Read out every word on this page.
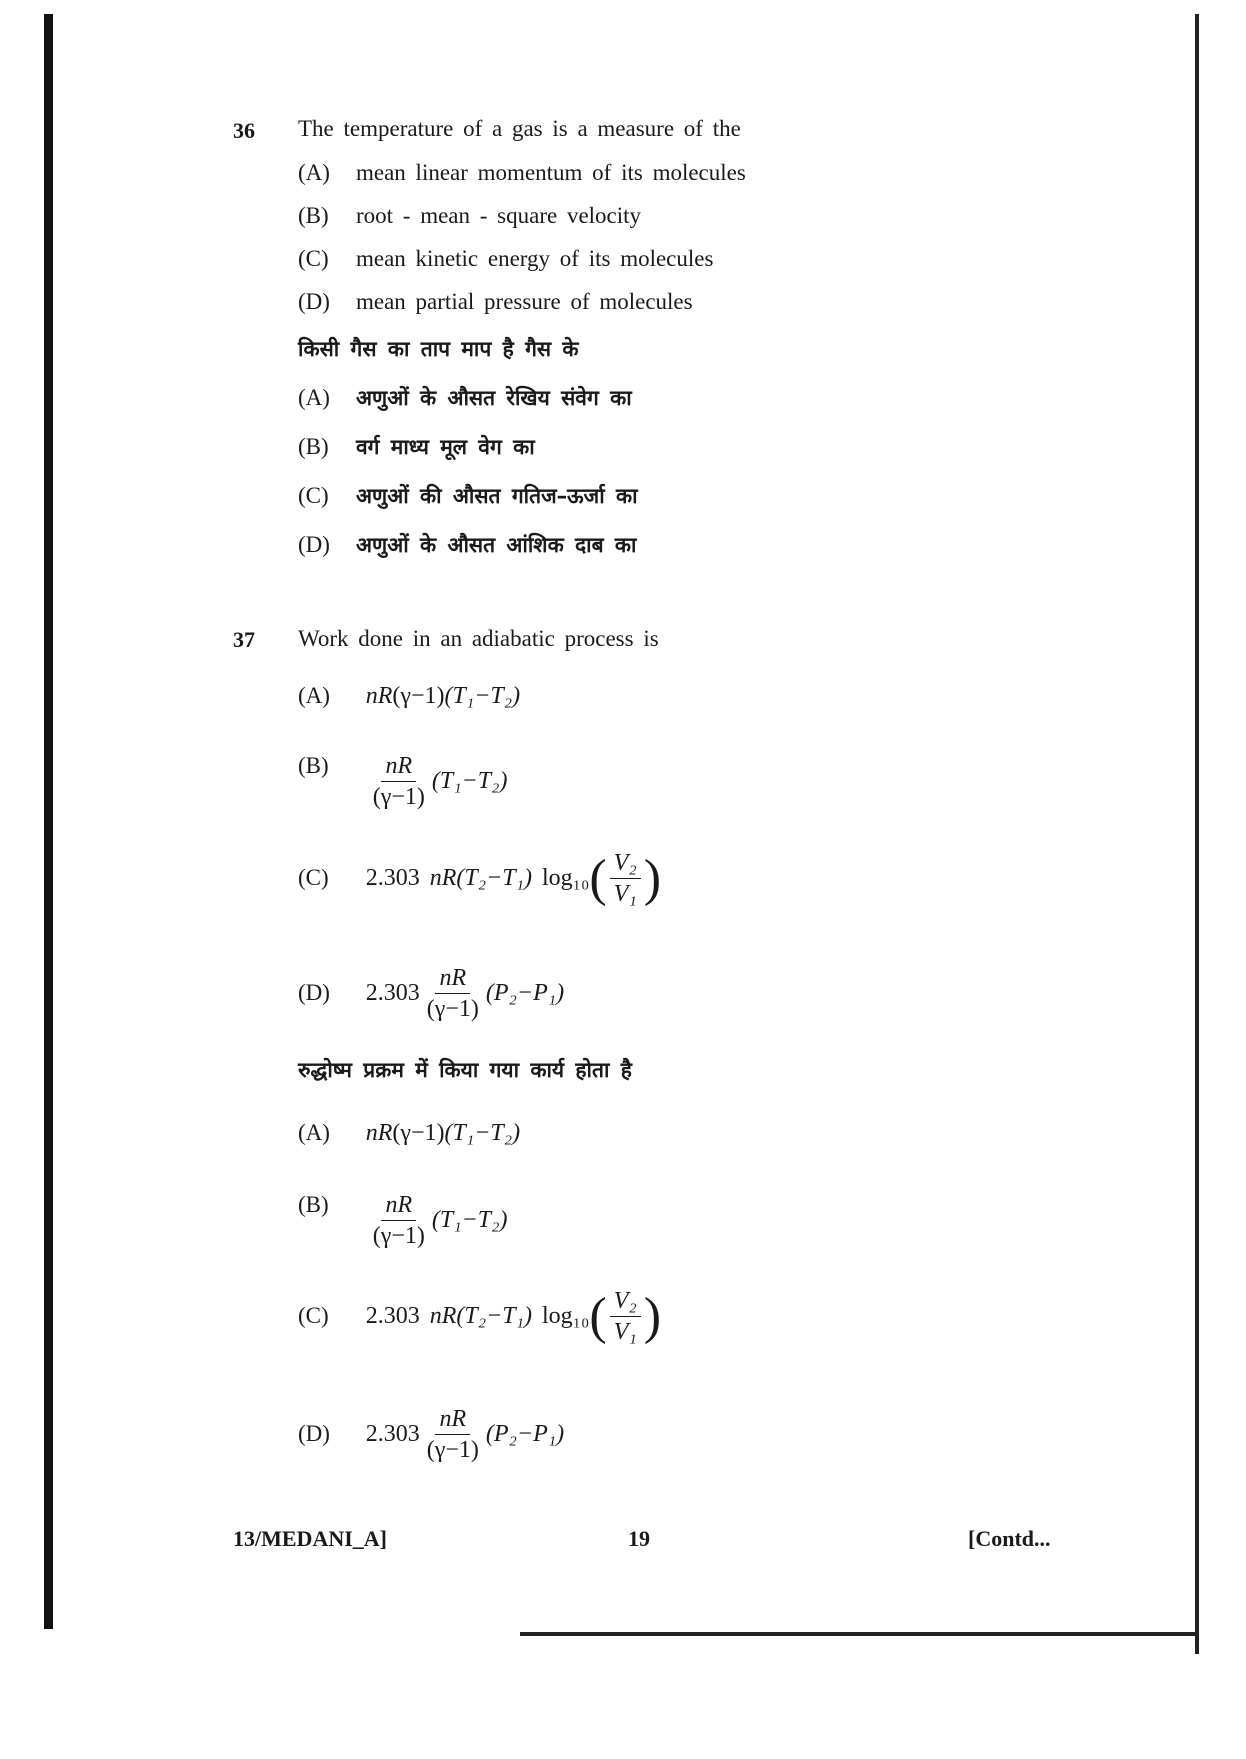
36 The temperature of a gas is a measure of the
(A) mean linear momentum of its molecules
(B) root - mean - square velocity
(C) mean kinetic energy of its molecules
(D) mean partial pressure of molecules
किसी गैस का ताप माप है गैस के
(A) अणुओं के औसत रेखिय संवेग का
(B) वर्ग माध्य मूल वेग का
(C) अणुओं की औसत गतिज–ऊर्जा का
(D) अणुओं के औसत आंशिक दाब का
37 Work done in an adiabatic process is
(A) nR (γ−1) (T₁−T₂)
$(B) \frac{nR}{(\gamma-1)} (T_1-T_2)$
(C) 2.303
nR (T₂−T₁)
log₁₀ ( $\frac{\text{V₂}}{\text{V₁}}$ )
(D) $2.303 \frac{nR}{(\gamma-1)} (P_2-P_1)$
रुद्धोष्म प्रक्रम में किया गया कार्य होता है
(A) nR (γ−1) (T₁−T₂)
$(B) \frac{nR}{(\gamma-1)} (T_1-T_2)$
(C) 2.303
nR (T₂−T₁)
log₁₀ ( $\frac{\text{V₂}}{\text{V₁}}$ )
(D) $2.303 \frac{nR}{(\gamma-1)} (P_2-P_1)$
13/MEDANI_A]	19	[Contd...
